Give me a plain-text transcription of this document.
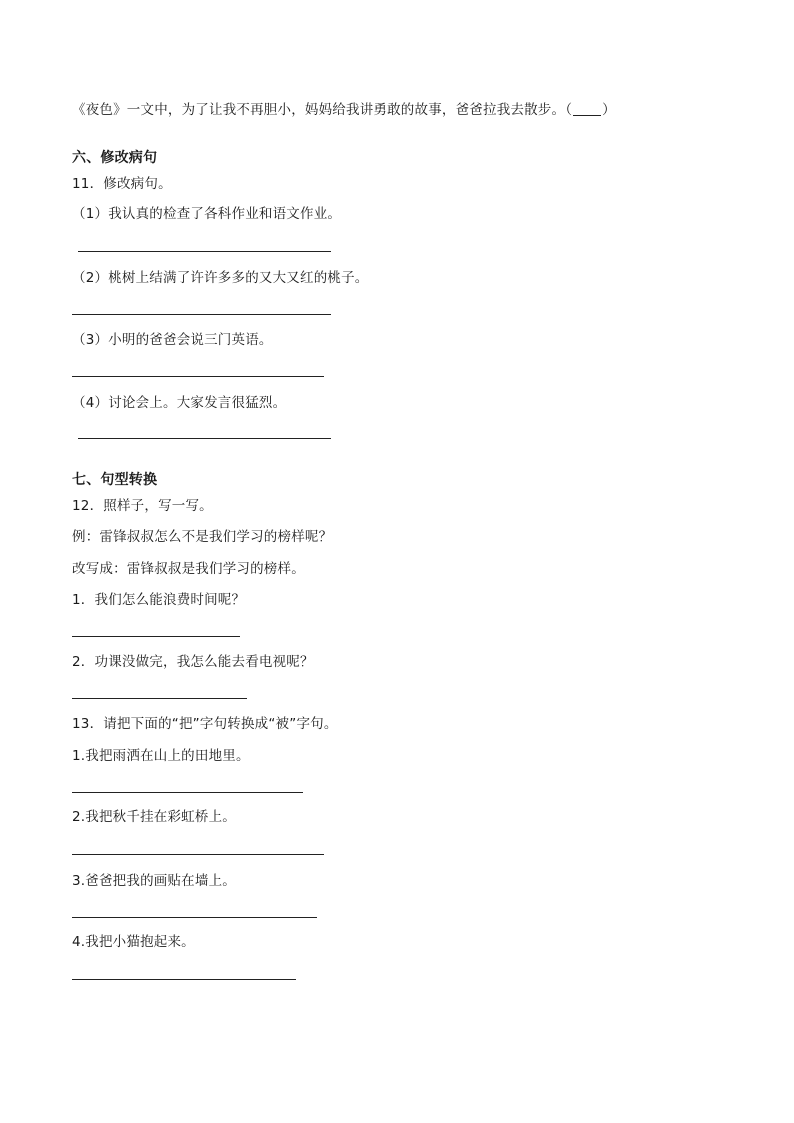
《夜色》一文中，为了让我不再胆小，妈妈给我讲勇敢的故事，爸爸拉我去散步。（ ）
六、修改病句
11．修改病句。
（1）我认真的检查了各科作业和语文作业。
（2）桃树上结满了许许多多的又大又红的桃子。
（3）小明的爸爸会说三门英语。
（4）讨论会上。大家发言很猛烈。
七、句型转换
12．照样子，写一写。
例：雷锋叔叔怎么不是我们学习的榜样呢？
改写成：雷锋叔叔是我们学习的榜样。
1．我们怎么能浪费时间呢？
2．功课没做完，我怎么能去看电视呢？
13．请把下面的“把”字句转换成“被”字句。
1.我把雨洒在山上的田地里。
2.我把秋千挂在彩虹桥上。
3.爸爸把我的画贴在墙上。
4.我把小猫抱起来。
